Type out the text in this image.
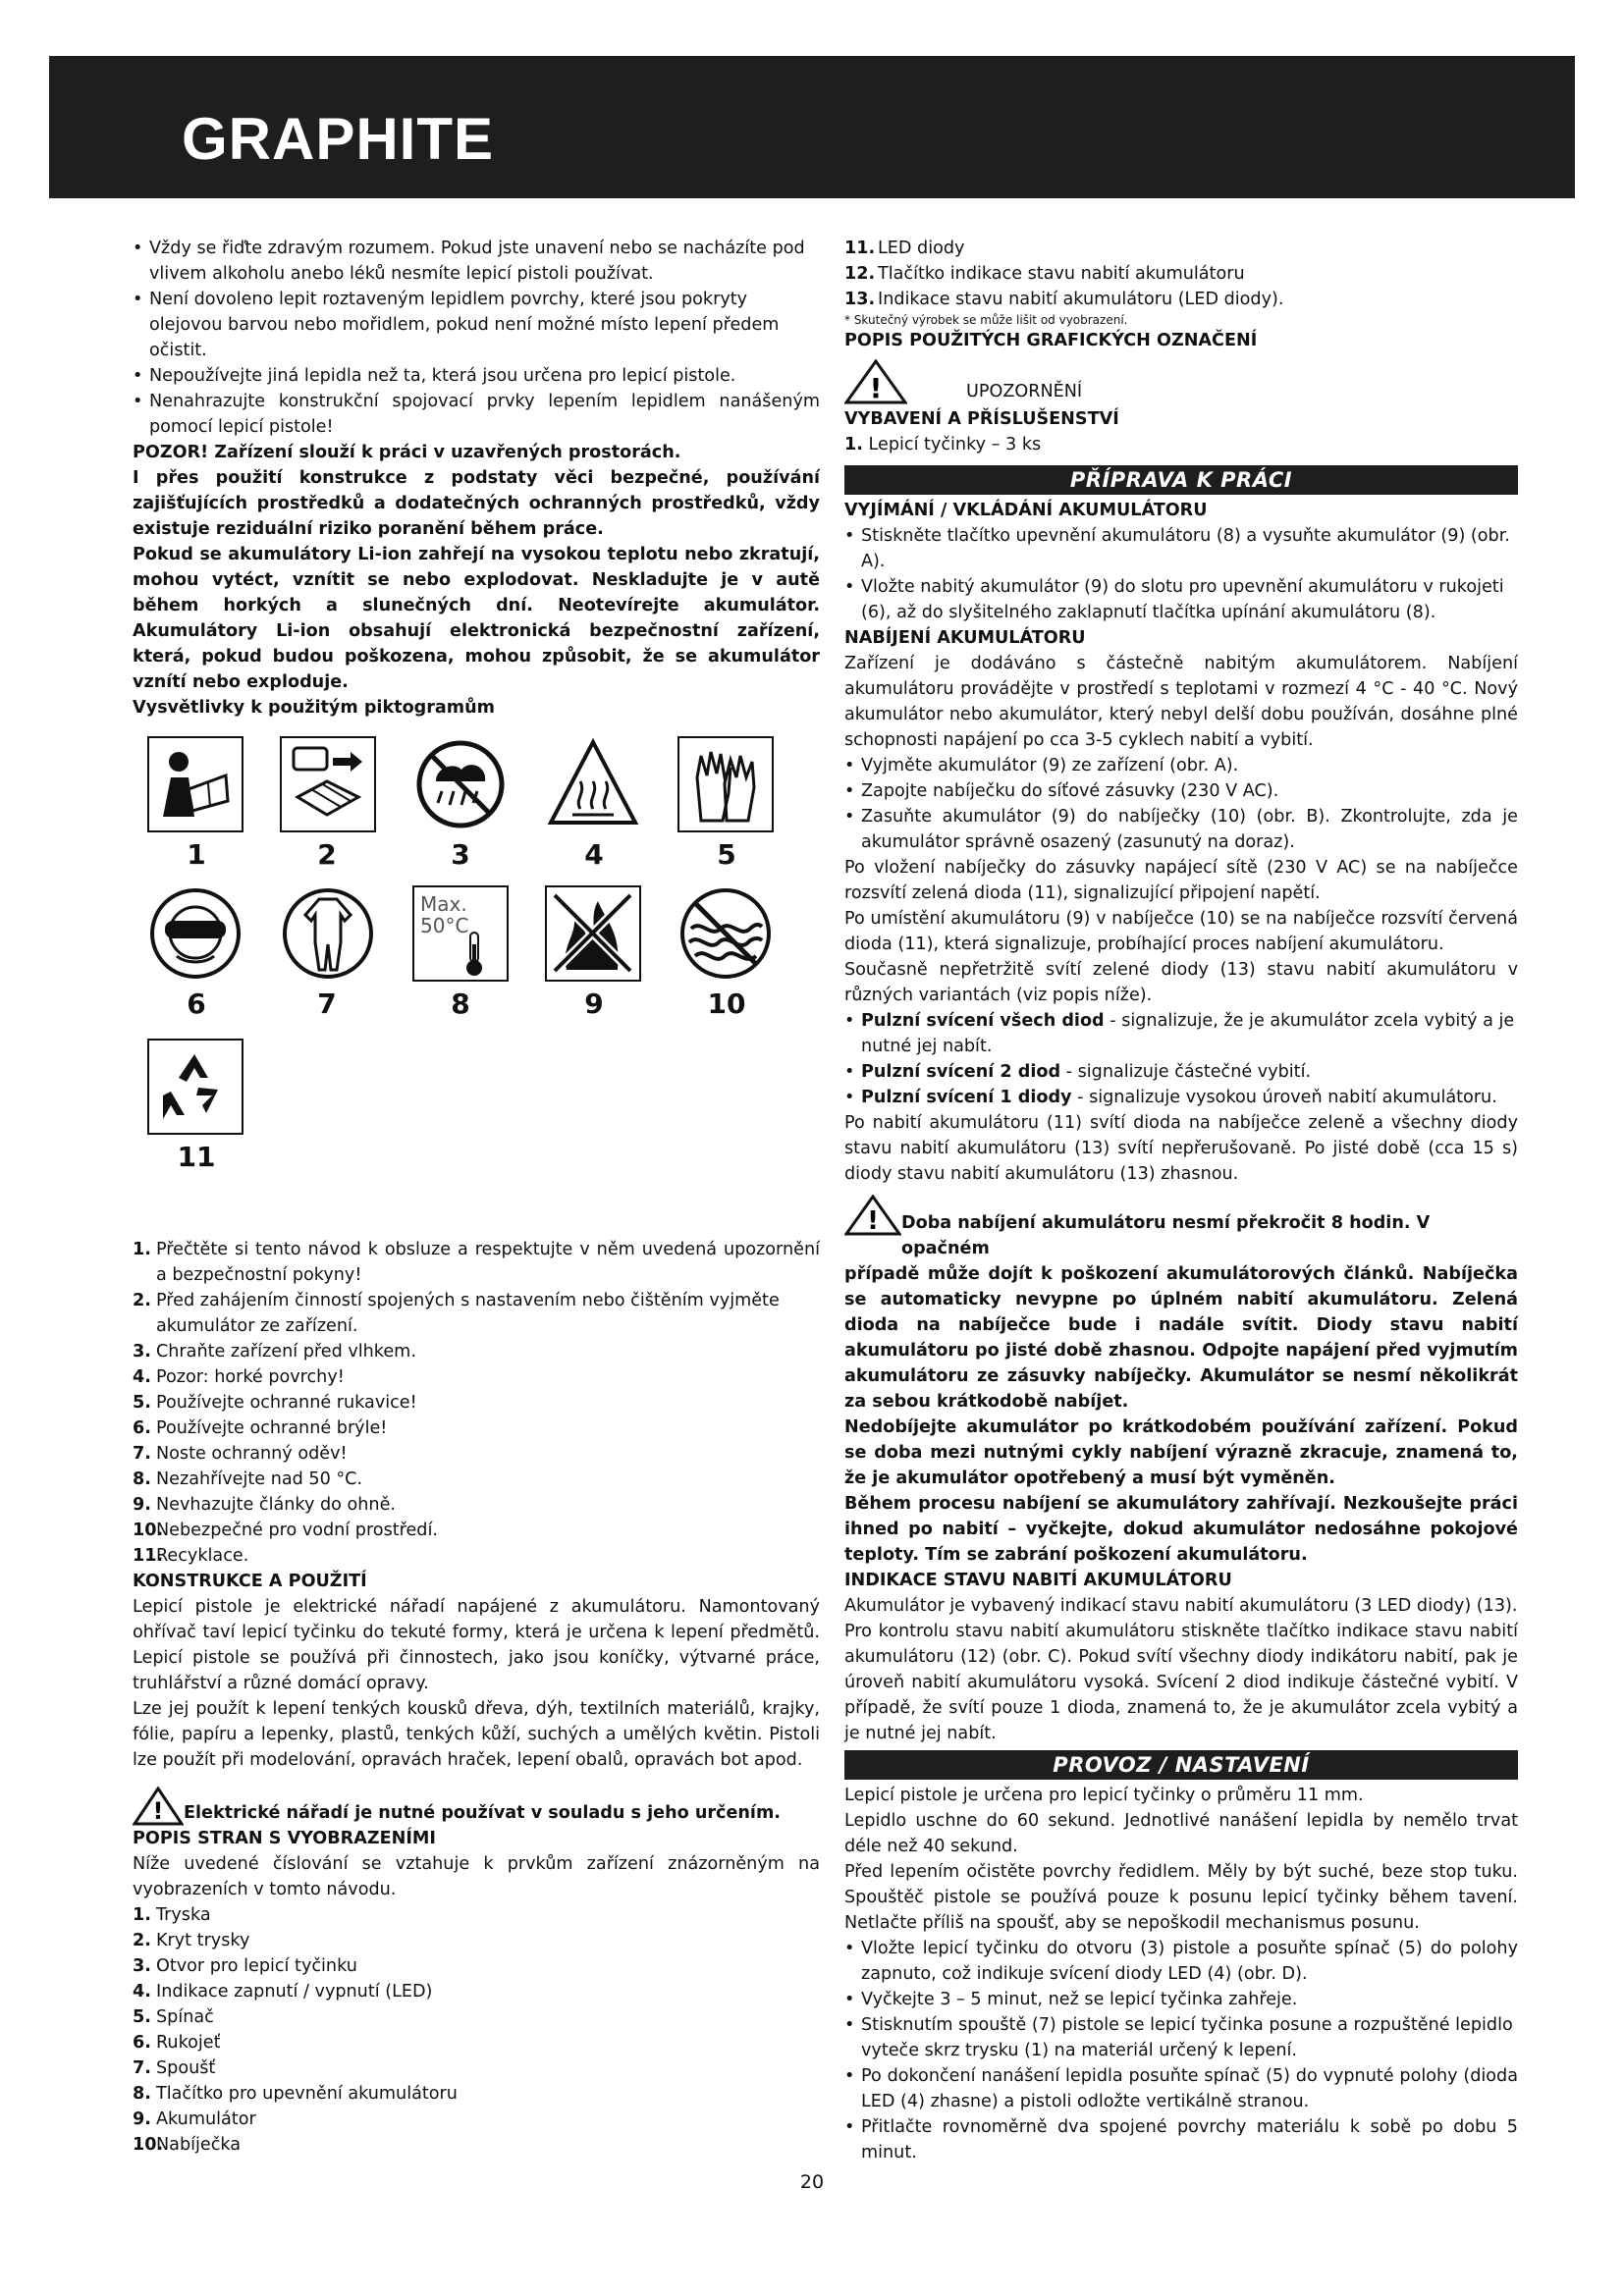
GRAPHITE

• Vždy se řiďte zdravým rozumem. Pokud jste unavení nebo se nacházíte pod vlivem alkoholu anebo léků nesmíte lepicí pistoli používat.
• Není dovoleno lepit roztaveným lepidlem povrchy, které jsou pokryty olejovou barvou nebo mořidlem, pokud není možné místo lepení předem očistit.
• Nepoužívejte jiná lepidla než ta, která jsou určena pro lepicí pistole.
• Nenahrazujte konstrukční spojovací prvky lepením lepidlem nanášeným pomocí lepicí pistole!

POZOR! Zařízení slouží k práci v uzavřených prostorách.

I přes použití konstrukce z podstaty věci bezpečné, používání zajišťujících prostředků a dodatečných ochranných prostředků, vždy existuje reziduální riziko poranění během práce.

Pokud se akumulátory Li-ion zahřejí na vysokou teplotu nebo zkratují, mohou vytéct, vznítit se nebo explodovat. Neskladujte je v autě během horkých a slunečných dní. Neotevírejte akumulátor. Akumulátory Li-ion obsahují elektronická bezpečnostní zařízení, která, pokud budou poškozena, mohou způsobit, že se akumulátor vznítí nebo exploduje.

Vysvětlivky k použitým piktogramům

1	2	3	4	5
6	7
Max.
50°C
8	9	10
11
1. Přečtěte si tento návod k obsluze a respektujte v něm uvedená upozornění a bezpečnostní pokyny!
2. Před zahájením činností spojených s nastavením nebo čištěním vyjměte akumulátor ze zařízení.
3. Chraňte zařízení před vlhkem.
4. Pozor: horké povrchy!
5. Používejte ochranné rukavice!
6. Používejte ochranné brýle!
7. Noste ochranný oděv!
8. Nezahřívejte nad 50 °C.
9. Nevhazujte články do ohně.
10.
Nebezpečné pro vodní prostředí.
11.
Recyklace.

KONSTRUKCE A POUŽITÍ

Lepicí pistole je elektrické nářadí napájené z akumulátoru. Namontovaný ohřívač taví lepicí tyčinku do tekuté formy, která je určena k lepení předmětů. Lepicí pistole se používá při činnostech, jako jsou koníčky, výtvarné práce, truhlářství a různé domácí opravy.

Lze jej použít k lepení tenkých kousků dřeva, dýh, textilních materiálů, krajky, fólie, papíru a lepenky, plastů, tenkých kůží, suchých a umělých květin. Pistoli lze použít při modelování, opravách hraček, lepení obalů, opravách bot apod.

! Elektrické nářadí je nutné používat v souladu s jeho určením.

POPIS STRAN S VYOBRAZENÍMI

Níže uvedené číslování se vztahuje k prvkům zařízení znázorněným na vyobrazeních v tomto návodu.

1. Tryska
2. Kryt trysky
3. Otvor pro lepicí tyčinku
4. Indikace zapnutí / vypnutí (LED)
5. Spínač
6. Rukojeť
7. Spoušť
8. Tlačítko pro upevnění akumulátoru
9. Akumulátor
10.
Nabíječka
11. LED diody
12. Tlačítko indikace stavu nabití akumulátoru
13. Indikace stavu nabití akumulátoru (LED diody).

* Skutečný výrobek se může lišit od vyobrazení.

POPIS POUŽITÝCH GRAFICKÝCH OZNAČENÍ

!	UPOZORNĚNÍ

VYBAVENÍ A PŘÍSLUŠENSTVÍ

1. Lepicí tyčinky – 3 ks

PŘÍPRAVA K PRÁCI

VYJÍMÁNÍ / VKLÁDÁNÍ AKUMULÁTORU

• Stiskněte tlačítko upevnění akumulátoru (8) a vysuňte akumulátor (9) (obr. A).
• Vložte nabitý akumulátor (9) do slotu pro upevnění akumulátoru v rukojeti (6), až do slyšitelného zaklapnutí tlačítka upínání akumulátoru (8).

NABÍJENÍ AKUMULÁTORU

Zařízení je dodáváno s částečně nabitým akumulátorem. Nabíjení akumulátoru provádějte v prostředí s teplotami v rozmezí 4 °C - 40 °C. Nový akumulátor nebo akumulátor, který nebyl delší dobu používán, dosáhne plné schopnosti napájení po cca 3-5 cyklech nabití a vybití.

• Vyjměte akumulátor (9) ze zařízení (obr. A).
• Zapojte nabíječku do síťové zásuvky (230 V AC).
• Zasuňte akumulátor (9) do nabíječky (10) (obr. B). Zkontrolujte, zda je akumulátor správně osazený (zasunutý na doraz).

Po vložení nabíječky do zásuvky napájecí sítě (230 V AC) se na nabíječce rozsvítí zelená dioda (11), signalizující připojení napětí.

Po umístění akumulátoru (9) v nabíječce (10) se na nabíječce rozsvítí červená dioda (11), která signalizuje, probíhající proces nabíjení akumulátoru.

Současně nepřetržitě svítí zelené diody (13) stavu nabití akumulátoru v různých variantách (viz popis níže).

• Pulzní svícení všech diod - signalizuje, že je akumulátor zcela vybitý a je nutné jej nabít.
• Pulzní svícení 2 diod - signalizuje částečné vybití.
• Pulzní svícení 1 diody - signalizuje vysokou úroveň nabití akumulátoru.

Po nabití akumulátoru (11) svítí dioda na nabíječce zeleně a všechny diody stavu nabití akumulátoru (13) svítí nepřerušovaně. Po jisté době (cca 15 s) diody stavu nabití akumulátoru (13) zhasnou.

! Doba nabíjení akumulátoru nesmí překročit 8 hodin. V opačném

případě může dojít k poškození akumulátorových článků. Nabíječka se automaticky nevypne po úplném nabití akumulátoru. Zelená dioda na nabíječce bude i nadále svítit. Diody stavu nabití akumulátoru po jisté době zhasnou. Odpojte napájení před vyjmutím akumulátoru ze zásuvky nabíječky. Akumulátor se nesmí několikrát za sebou krátkodobě nabíjet.

Nedobíjejte akumulátor po krátkodobém používání zařízení. Pokud se doba mezi nutnými cykly nabíjení výrazně zkracuje, znamená to, že je akumulátor opotřebený a musí být vyměněn.

Během procesu nabíjení se akumulátory zahřívají. Nezkoušejte práci ihned po nabití – vyčkejte, dokud akumulátor nedosáhne pokojové teploty. Tím se zabrání poškození akumulátoru.

INDIKACE STAVU NABITÍ AKUMULÁTORU

Akumulátor je vybavený indikací stavu nabití akumulátoru (3 LED diody) (13).

Pro kontrolu stavu nabití akumulátoru stiskněte tlačítko indikace stavu nabití akumulátoru (12) (obr. C). Pokud svítí všechny diody indikátoru nabití, pak je úroveň nabití akumulátoru vysoká. Svícení 2 diod indikuje částečné vybití. V případě, že svítí pouze 1 dioda, znamená to, že je akumulátor zcela vybitý a je nutné jej nabít.

PROVOZ / NASTAVENÍ

Lepicí pistole je určena pro lepicí tyčinky o průměru 11 mm.

Lepidlo uschne do 60 sekund. Jednotlivé nanášení lepidla by nemělo trvat déle než 40 sekund.

Před lepením očistěte povrchy ředidlem. Měly by být suché, beze stop tuku. Spouštěč pistole se používá pouze k posunu lepicí tyčinky během tavení. Netlačte příliš na spoušť, aby se nepoškodil mechanismus posunu.

• Vložte lepicí tyčinku do otvoru (3) pistole a posuňte spínač (5) do polohy zapnuto, což indikuje svícení diody LED (4) (obr. D).
• Vyčkejte 3 – 5 minut, než se lepicí tyčinka zahřeje.
• Stisknutím spouště (7) pistole se lepicí tyčinka posune a rozpuštěné lepidlo vyteče skrz trysku (1) na materiál určený k lepení.
• Po dokončení nanášení lepidla posuňte spínač (5) do vypnuté polohy (dioda LED (4) zhasne) a pistoli odložte vertikálně stranou.
• Přitlačte rovnoměrně dva spojené povrchy materiálu k sobě po dobu 5 minut.
20
